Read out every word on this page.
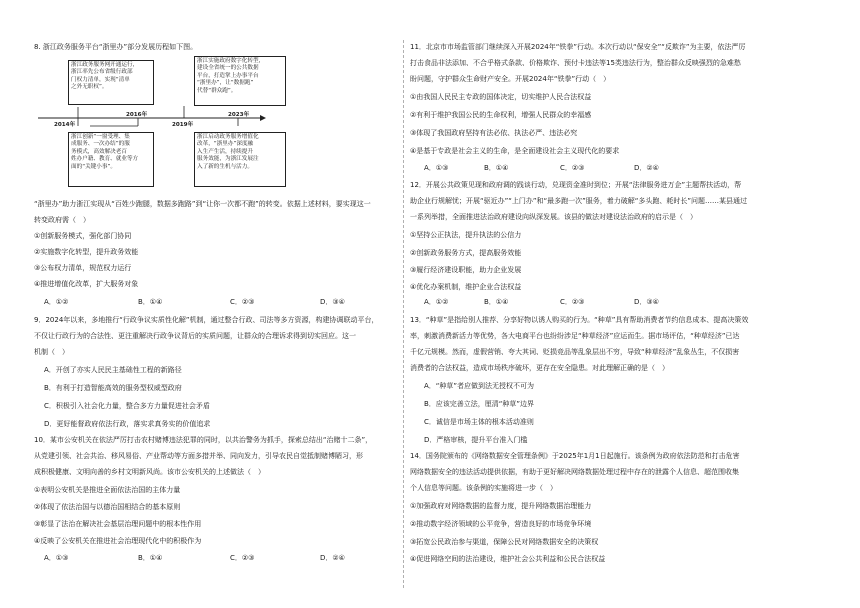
8. 浙江政务服务平台“浙里办”部分发展历程如下图。
浙江政务服务网开通运行，
浙江率先公布省级行政部
门权力清单，实现“清单
之外无职权”。
浙江创新“一窗受理、集
成服务、一次办结”的服
务模式，高效解决老百
姓办户籍、教育、就业等方
面的“关键小事”。
浙江实施政府数字化转型，
建设全省统一的公共数据
平台，打造掌上办事平台
“浙里办”，让“数据跑”
代替“群众跑”。
浙江启动政务服务增值化
改革，“浙里办”深度融
入生产生活，持续提升
服务效能，为浙江发展注
入了新的生机与活力。
2014年
2016年
2019年
2023年
“浙里办”助力浙江实现从“百姓少跑腿，数据多跑路”到“让你一次都不跑”的转变。依据上述材料，要实现这一
转变政府需（　）
①创新服务模式，强化部门协同
②实施数字化转型，提升政务效能
③公布权力清单，规范权力运行
④推进增值化改革，扩大服务对象
A．①②	B．①④	C．②③	D．③④
9．2024年以来，多地推行“行政争议实质性化解”机制，通过整合行政、司法等多方资源，构建协调联动平台，
不仅让行政行为的合法性、更注重解决行政争议背后的实质问题，让群众的合理诉求得到切实回应。这一
机制（　）
A．开创了亦实人民民主基础性工程的新路径
B．有利于打造智能高效的服务型权威型政府
C．积极引入社会化力量，整合多方力量促进社会矛盾
D．更好能督政府依法行政，落实求真务实的价值追求
10．某市公安机关在依法严厉打击农村赌博违法犯罪的同时，以共治警务为抓手，探索总结出“治赌十二条”，
从党建引领、社会共治、移风易俗、产业帮动等方面多措并举、同向发力，引导农民自觉抵制赌博陋习，形
成积极健康、文明向善的乡村文明新风尚。该市公安机关的上述做法（　）
①表明公安机关是推进全面依法治国的主体力量
②体现了依法治国与以德治国相结合的基本原则
③彰显了法治在解决社会基层治理问题中的根本性作用
④反映了公安机关在推进社会治理现代化中的积极作为
A．①③	B．①④	C．②③	D．②④
11．北京市市场监管部门继续深入开展2024年“铁拳”行动。本次行动以“保安全”“反欺诈”为主要，依法严厉
打击食品非法添加、不合乎格式条款、价格欺诈、预付卡违法等15类违法行为，整治群众反映强烈的急难愁
盼问题，守护群众生命财产安全。开展2024年“铁拳”行动（　）
①由我国人民民主专政的国体决定，切实维护人民合法权益
②有利于维护我国公民的生命权利，增强人民群众的幸福感
③体现了我国政府坚持有法必依、执法必严、违法必究
④是基于专政是社会主义的生命，是全面建设社会主义现代化的要求
A．①③	B．①④	C．②③	D．②④
12．开展公共政策见现和政府调的践谈行动，兑现资金准时到位；开展“法律服务进万企”主题帮扶活动，帮
助企业行规解忧；开展“驱近办”“上门办”和“最多跑一次”服务，着力破解“多头跑、耗时长”问题……某县通过
一系列举措，全面推进法治政府建设向纵深发展。该县的做法对建设法治政府的启示是（　）
①坚持公正执法，提升执法的公信力
②创新政务服务方式，提高服务效能
③履行经济建设职能，助力企业发展
④优化办案机制，维护企业合法权益
A．①②	B．①④	C．②③	D．③④
13．“种草”是指给别人推荐、分享好物以诱人购买的行为。“种草”具有帮助消费者节约信息成本、提高决策效
率，刺激消费新活力等优势，各大电商平台也纷纷涉足“种草经济”应运而生。据市场评估，“种草经济”已达
千亿元规模。然而，虚假营销、夸大其词、贬损竞品等乱象层出不穷，导致“种草经济”乱象丛生，不仅损害
消费者的合法权益，造成市场秩序破坏，更存在安全隐患。对此理解正确的是（　）
A．“种草”者应做到法无授权不可为
B．应该完善立法，厘清“种草”边界
C．诚信是市场主体的根本活动准则
D．严格审核，提升平台准入门槛
14．国务院颁布的《网络数据安全管理条例》于2025年1月1日起施行。该条例为政府依法防范和打击危害
网络数据安全的违法活动提供依据，有助于更好解决网络数据处理过程中存在的泄露个人信息、超范围收集
个人信息等问题。该条例的实施将进一步（　）
①加强政府对网络数据的监督力度，提升网络数据治理能力
②推动数字经济领域的公平竞争，营造良好的市场竞争环境
③拓宽公民政治参与渠道，保障公民对网络数据安全的决策权
④促进网络空间的法治建设，维护社会公共利益和公民合法权益
